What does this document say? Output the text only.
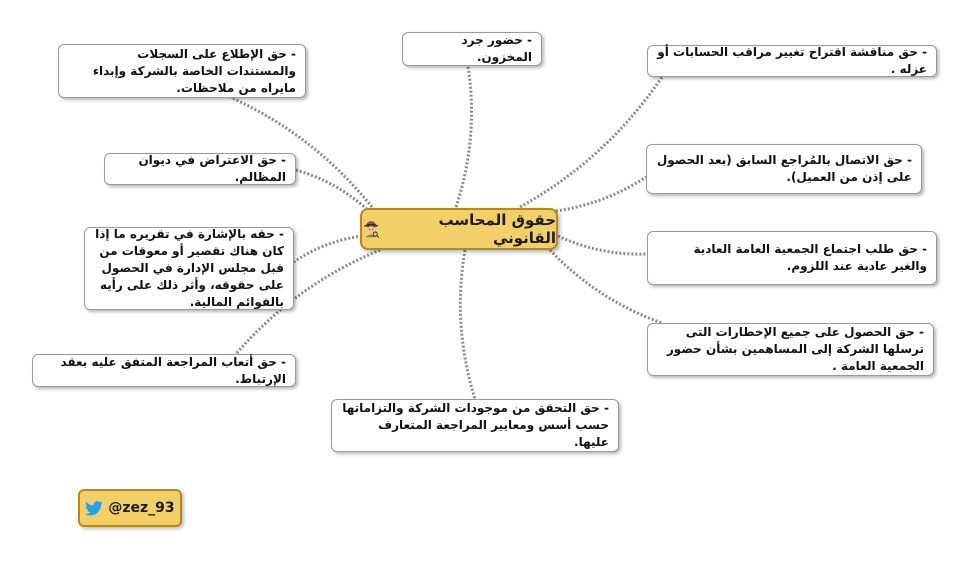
- حق الإطلاع على السجلات والمستندات الخاصة بالشركة وإبداء مايراه من ملاحظات.
- حضور جرد المخزون.	- حق مناقشة اقتراح تغيير مراقب الحسابات أو عزله .
- حق الاعتراض في ديوان المظالم.
- حق الاتصال بالمُراجع السابق (بعد الحصول على إذن من العميل).
- حقه بالإشارة في تقريره ما إذا كان هناك تقصير أو معوقات من قبل مجلس الإدارة في الحصول على حقوقه، وأثر ذلك على رأيه بالقوائم المالية.
- حق طلب اجتماع الجمعية العامة العادية والغير عادية عند اللزوم.
- حق الحصول على جميع الإخطارات التى ترسلها الشركة إلى المساهمين بشأن حضور الجمعية العامة .
- حق أتعاب المراجعة المتفق عليه بعقد الإرتباط.
- حق التحقق من موجودات الشركة والتزاماتها حسب أسس ومعايير المراجعة المتعارف عليها.
حقوق المحاسب القانوني
@zez_93
